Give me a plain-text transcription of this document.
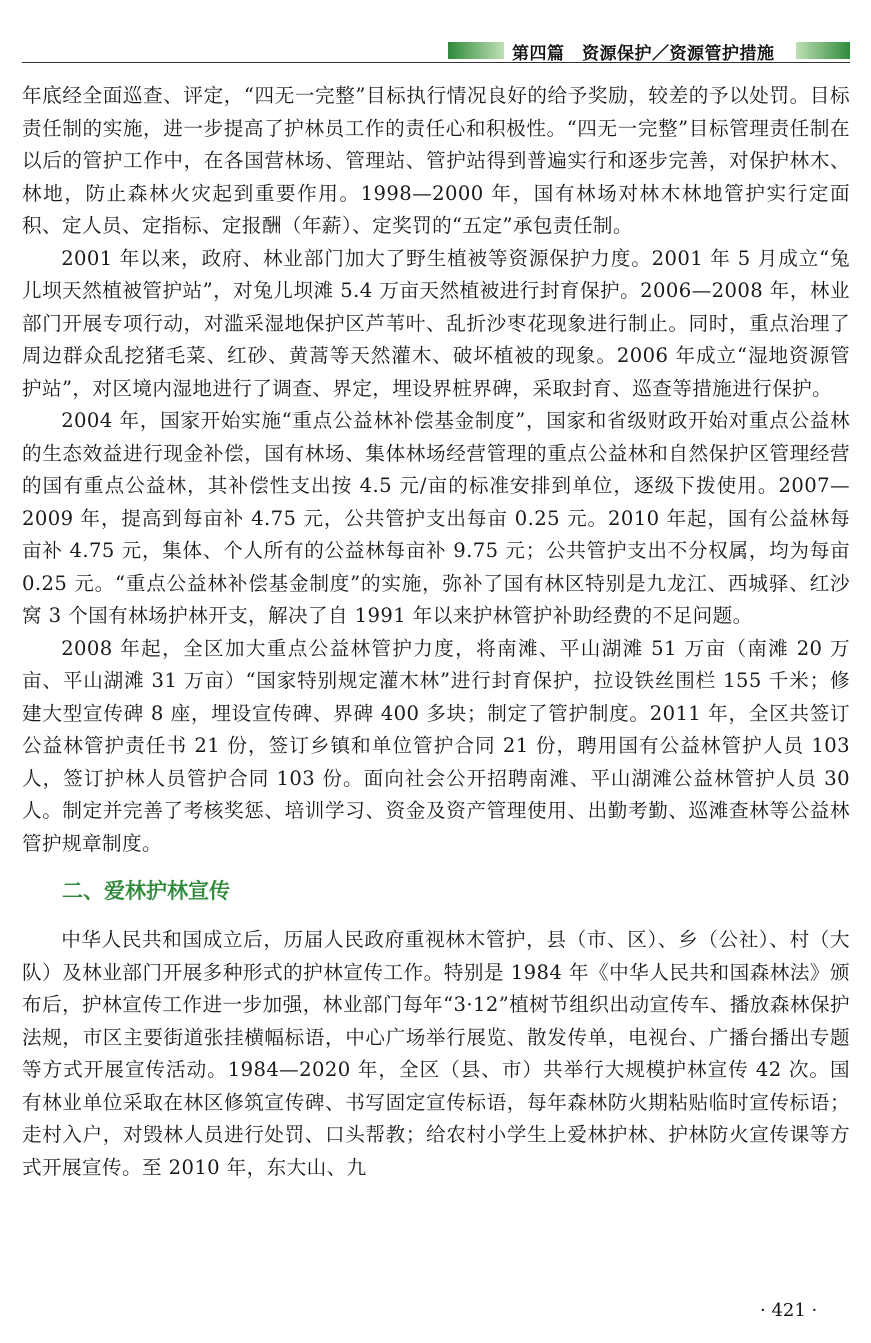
第四篇　资源保护／资源管护措施

年底经全面巡查、评定，“四无一完整”目标执行情况良好的给予奖励，较差的予以处罚。目标责任制的实施，进一步提高了护林员工作的责任心和积极性。“四无一完整”目标管理责任制在以后的管护工作中，在各国营林场、管理站、管护站得到普遍实行和逐步完善，对保护林木、林地，防止森林火灾起到重要作用。1998—2000 年，国有林场对林木林地管护实行定面积、定人员、定指标、定报酬（年薪）、定奖罚的“五定”承包责任制。

2001 年以来，政府、林业部门加大了野生植被等资源保护力度。2001 年 5 月成立“兔儿坝天然植被管护站”，对兔儿坝滩 5.4 万亩天然植被进行封育保护。2006—2008 年，林业部门开展专项行动，对滥采湿地保护区芦苇叶、乱折沙枣花现象进行制止。同时，重点治理了周边群众乱挖猪毛菜、红砂、黄蒿等天然灌木、破坏植被的现象。2006 年成立“湿地资源管护站”，对区境内湿地进行了调查、界定，埋设界桩界碑，采取封育、巡查等措施进行保护。

2004 年，国家开始实施“重点公益林补偿基金制度”，国家和省级财政开始对重点公益林的生态效益进行现金补偿，国有林场、集体林场经营管理的重点公益林和自然保护区管理经营的国有重点公益林，其补偿性支出按 4.5 元/亩的标准安排到单位，逐级下拨使用。2007—2009 年，提高到每亩补 4.75 元，公共管护支出每亩 0.25 元。2010 年起，国有公益林每亩补 4.75 元，集体、个人所有的公益林每亩补 9.75 元；公共管护支出不分权属，均为每亩 0.25 元。“重点公益林补偿基金制度”的实施，弥补了国有林区特别是九龙江、西城驿、红沙窝 3 个国有林场护林开支，解决了自 1991 年以来护林管护补助经费的不足问题。

2008 年起，全区加大重点公益林管护力度，将南滩、平山湖滩 51 万亩（南滩 20 万亩、平山湖滩 31 万亩）“国家特别规定灌木林”进行封育保护，拉设铁丝围栏 155 千米；修建大型宣传碑 8 座，埋设宣传碑、界碑 400 多块；制定了管护制度。2011 年，全区共签订公益林管护责任书 21 份，签订乡镇和单位管护合同 21 份，聘用国有公益林管护人员 103 人，签订护林人员管护合同 103 份。面向社会公开招聘南滩、平山湖滩公益林管护人员 30 人。制定并完善了考核奖惩、培训学习、资金及资产管理使用、出勤考勤、巡滩查林等公益林管护规章制度。

二、爱林护林宣传

中华人民共和国成立后，历届人民政府重视林木管护，县（市、区）、乡（公社）、村（大队）及林业部门开展多种形式的护林宣传工作。特别是 1984 年《中华人民共和国森林法》颁布后，护林宣传工作进一步加强，林业部门每年“3·12”植树节组织出动宣传车、播放森林保护法规，市区主要街道张挂横幅标语，中心广场举行展览、散发传单，电视台、广播台播出专题等方式开展宣传活动。1984—2020 年，全区（县、市）共举行大规模护林宣传 42 次。国有林业单位采取在林区修筑宣传碑、书写固定宣传标语，每年森林防火期粘贴临时宣传标语；走村入户，对毁林人员进行处罚、口头帮教；给农村小学生上爱林护林、护林防火宣传课等方式开展宣传。至 2010 年，东大山、九

· 421 ·
